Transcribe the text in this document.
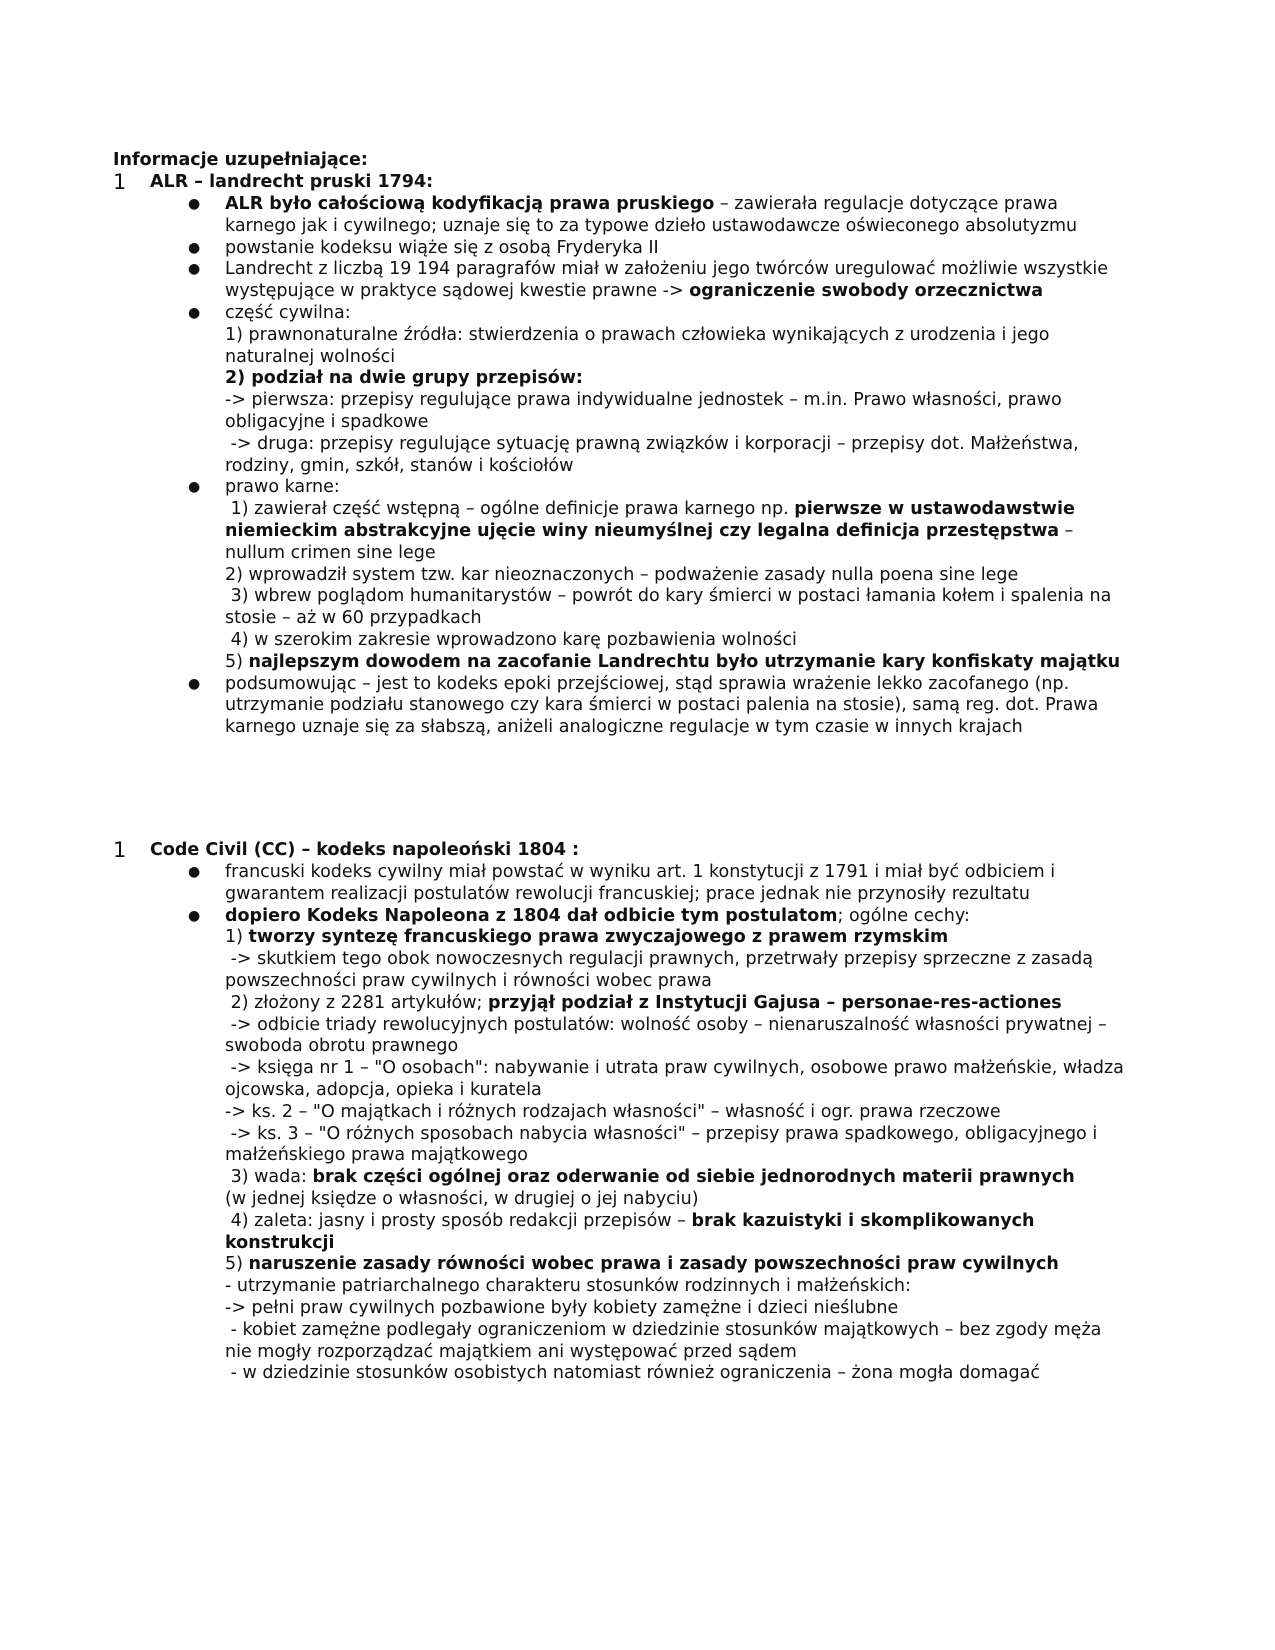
Informacje uzupełniające:

1 ALR – landrecht pruski 1794:
● ALR było całościową kodyfikacją prawa pruskiego – zawierała regulacje dotyczące prawa karnego jak i cywilnego; uznaje się to za typowe dzieło ustawodawcze oświeconego absolutyzmu
● powstanie kodeksu wiąże się z osobą Fryderyka II
● Landrecht z liczbą 19 194 paragrafów miał w założeniu jego twórców uregulować możliwie wszystkie występujące w praktyce sądowej kwestie prawne -> ograniczenie swobody orzecznictwa
● część cywilna:
1) prawnonaturalne źródła: stwierdzenia o prawach człowieka wynikających z urodzenia i jego naturalnej wolności
2) podział na dwie grupy przepisów:
-> pierwsza: przepisy regulujące prawa indywidualne jednostek – m.in. Prawo własności, prawo obligacyjne i spadkowe
-> druga: przepisy regulujące sytuację prawną związków i korporacji – przepisy dot. Małżeństwa, rodziny, gmin, szkół, stanów i kościołów
● prawo karne:
1) zawierał część wstępną – ogólne definicje prawa karnego np. pierwsze w ustawodawstwie niemieckim abstrakcyjne ujęcie winy nieumyślnej czy legalna definicja przestępstwa – nullum crimen sine lege
2) wprowadził system tzw. kar nieoznaczonych – podważenie zasady nulla poena sine lege
3) wbrew poglądom humanitarystów – powrót do kary śmierci w postaci łamania kołem i spalenia na stosie – aż w 60 przypadkach
4) w szerokim zakresie wprowadzono karę pozbawienia wolności
5) najlepszym dowodem na zacofanie Landrechtu było utrzymanie kary konfiskaty majątku
● podsumowując – jest to kodeks epoki przejściowej, stąd sprawia wrażenie lekko zacofanego (np. utrzymanie podziału stanowego czy kara śmierci w postaci palenia na stosie), samą reg. dot. Prawa karnego uznaje się za słabszą, aniżeli analogiczne regulacje w tym czasie w innych krajach
1 Code Civil (CC) – kodeks napoleoński 1804 :
● francuski kodeks cywilny miał powstać w wyniku art. 1 konstytucji z 1791 i miał być odbiciem i gwarantem realizacji postulatów rewolucji francuskiej; prace jednak nie przynosiły rezultatu
● dopiero Kodeks Napoleona z 1804 dał odbicie tym postulatom; ogólne cechy:
1) tworzy syntezę francuskiego prawa zwyczajowego z prawem rzymskim
-> skutkiem tego obok nowoczesnych regulacji prawnych, przetrwały przepisy sprzeczne z zasadą powszechności praw cywilnych i równości wobec prawa
2) złożony z 2281 artykułów; przyjął podział z Instytucji Gajusa – personae-res-actiones
-> odbicie triady rewolucyjnych postulatów: wolność osoby – nienaruszalność własności prywatnej – swoboda obrotu prawnego
-> księga nr 1 – "O osobach": nabywanie i utrata praw cywilnych, osobowe prawo małżeńskie, władza ojcowska, adopcja, opieka i kuratela
-> ks. 2 – "O majątkach i różnych rodzajach własności" – własność i ogr. prawa rzeczowe
-> ks. 3 – "O różnych sposobach nabycia własności" – przepisy prawa spadkowego, obligacyjnego i małżeńskiego prawa majątkowego
3) wada: brak części ogólnej oraz oderwanie od siebie jednorodnych materii prawnych
(w jednej księdze o własności, w drugiej o jej nabyciu)
4) zaleta: jasny i prosty sposób redakcji przepisów – brak kazuistyki i skomplikowanych konstrukcji
5) naruszenie zasady równości wobec prawa i zasady powszechności praw cywilnych
- utrzymanie patriarchalnego charakteru stosunków rodzinnych i małżeńskich:
-> pełni praw cywilnych pozbawione były kobiety zamężne i dzieci nieślubne
- kobiet zamężne podlegały ograniczeniom w dziedzinie stosunków majątkowych – bez zgody męża nie mogły rozporządzać majątkiem ani występować przed sądem
- w dziedzinie stosunków osobistych natomiast również ograniczenia – żona mogła domagać
